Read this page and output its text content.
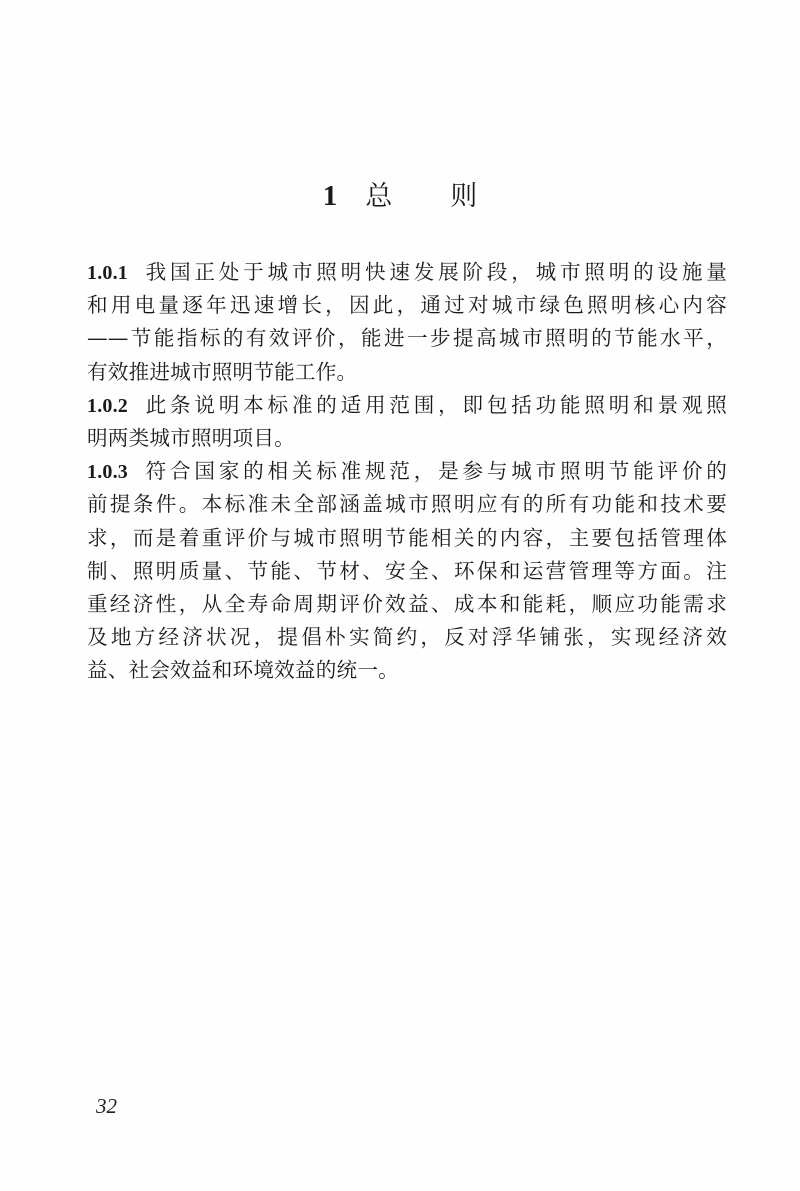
1 总 则
1.0.1 我国正处于城市照明快速发展阶段，城市照明的设施量
和用电量逐年迅速增长，因此，通过对城市绿色照明核心内容
——节能指标的有效评价，能进一步提高城市照明的节能水平，
有效推进城市照明节能工作。
1.0.2 此条说明本标准的适用范围，即包括功能照明和景观照
明两类城市照明项目。
1.0.3 符合国家的相关标准规范，是参与城市照明节能评价的
前提条件。本标准未全部涵盖城市照明应有的所有功能和技术要
求，而是着重评价与城市照明节能相关的内容，主要包括管理体
制、照明质量、节能、节材、安全、环保和运营管理等方面。注
重经济性，从全寿命周期评价效益、成本和能耗，顺应功能需求
及地方经济状况，提倡朴实简约，反对浮华铺张，实现经济效
益、社会效益和环境效益的统一。
32
